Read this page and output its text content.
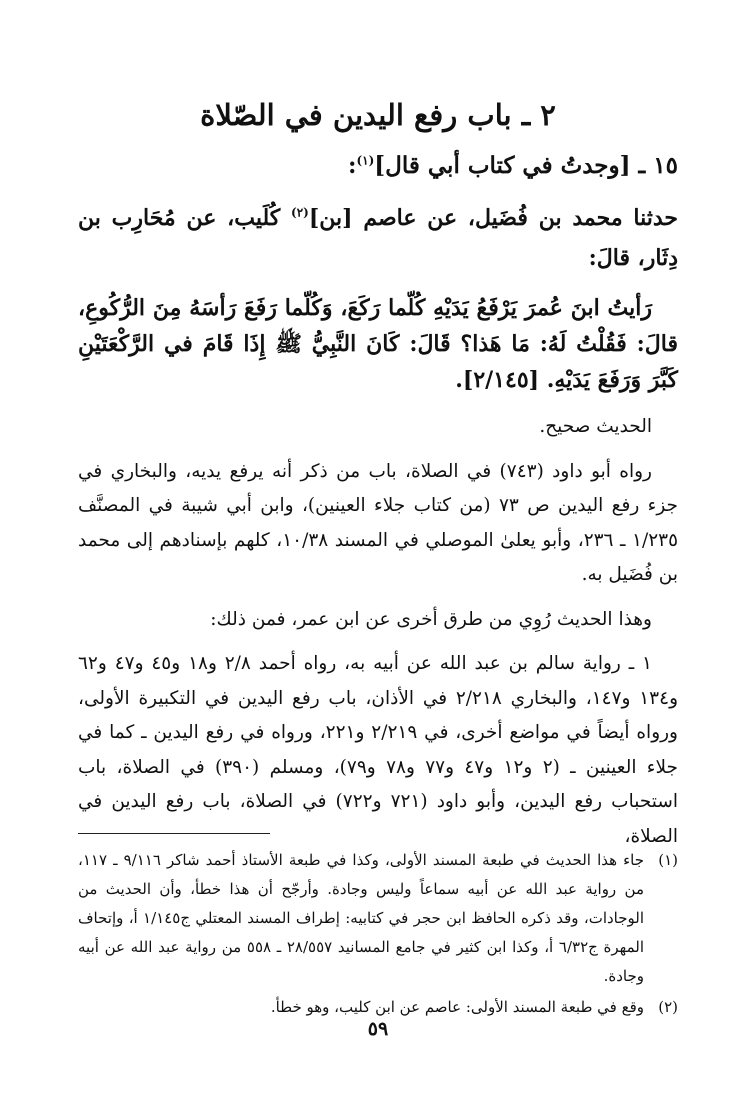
٢ ـ باب رفع اليدين في الصّلاة
١٥ ـ [وجدتُ في كتاب أبي قال]$^{(١)}$:
حدثنا محمد بن فُضَيل، عن عاصم [بن]$^{(٢)}$ كُلَيب، عن مُحَارِب بن دِثَار، قالَ:
رَأيتُ ابنَ عُمرَ يَرْفَعُ يَدَيْهِ كُلّما رَكَعَ، وَكُلّما رَفَعَ رَأسَهُ مِنَ الرُّكُوعِ، قالَ: فَقُلْتُ لَهُ: مَا هَذا؟ قَالَ: كَانَ النَّبِيُّ ﷺ إِذَا قَامَ في الرَّكْعَتَيْنِ كَبَّرَ وَرَفَعَ يَدَيْهِ. [٢/١٤٥].
الحديث صحيح.
رواه أبو داود (٧٤٣) في الصلاة، باب من ذكر أنه يرفع يديه، والبخاري في جزء رفع اليدين ص ٧٣ (من كتاب جلاء العينين)، وابن أبي شيبة في المصنَّف ١/٢٣٥ ـ ٢٣٦، وأبو يعلىٰ الموصلي في المسند ١٠/٣٨، كلهم بإسنادهم إلى محمد بن فُضَيل به.
وهذا الحديث رُوِي من طرق أخرى عن ابن عمر، فمن ذلك:
١ ـ رواية سالم بن عبد الله عن أبيه به، رواه أحمد ٢/٨ و١٨ و٤٥ و٤٧ و٦٢ و١٣٤ و١٤٧، والبخاري ٢/٢١٨ في الأذان، باب رفع اليدين في التكبيرة الأولى، ورواه أيضاً في مواضع أخرى، في ٢/٢١٩ و٢٢١، ورواه في رفع اليدين ـ كما في جلاء العينين ـ (٢ و١٢ و٤٧ و٧٧ و٧٨ و٧٩)، ومسلم (٣٩٠) في الصلاة، باب استحباب رفع اليدين، وأبو داود (٧٢١ و٧٢٢) في الصلاة، باب رفع اليدين في الصلاة،
(١)
جاء هذا الحديث في طبعة المسند الأولى، وكذا في طبعة الأستاذ أحمد شاكر ٩/١١٦ ـ ١١٧، من رواية عبد الله عن أبيه سماعاً وليس وجادة. وأرجّح أن هذا خطأ، وأن الحديث من الوجادات، وقد ذكره الحافظ ابن حجر في كتابيه: إطراف المسند المعتلي ج١/١٤٥ أ، وإتحاف المهرة ج٦/٣٢ أ، وكذا ابن كثير في جامع المسانيد ٢٨/٥٥٧ ـ ٥٥٨ من رواية عبد الله عن أبيه وجادة.
(٢)
وقع في طبعة المسند الأولى: عاصم عن ابن كليب، وهو خطأ.
٥٩
